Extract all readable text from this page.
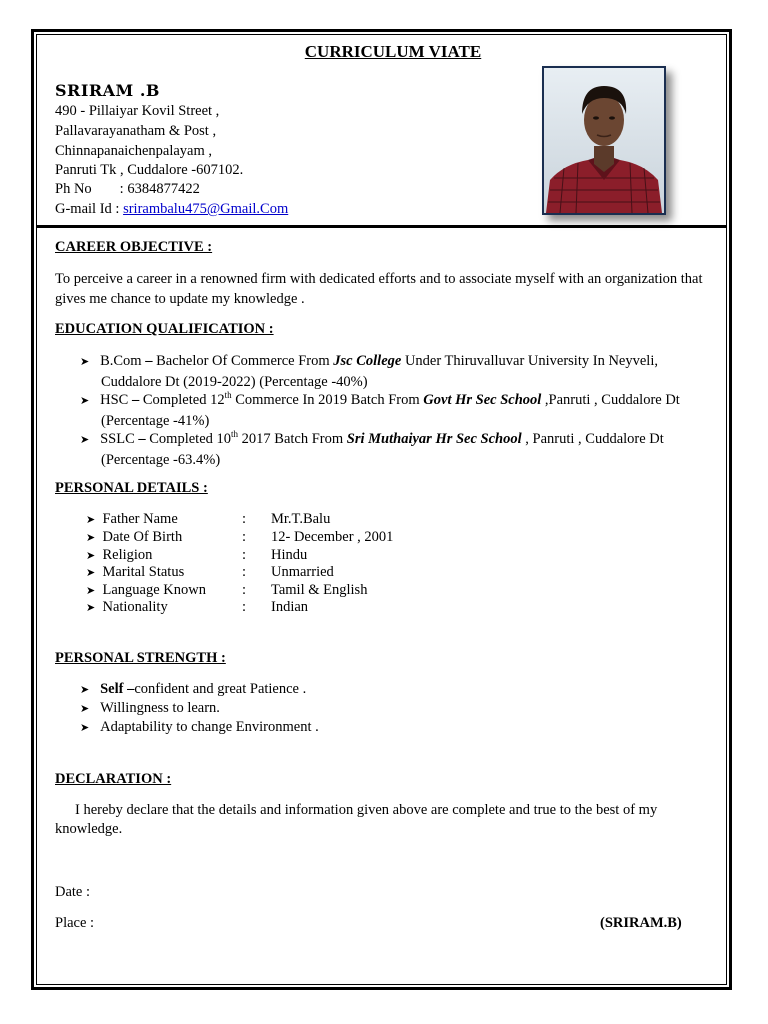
CURRICULUM VIATE
SRIRAM .B
490 - Pillaiyar Kovil Street ,
Pallavarayanatham & Post ,
Chinnapanaichenpalayam ,
Panruti Tk , Cuddalore -607102.
Ph No : 6384877422
G-mail Id : srirambalu475@Gmail.Com
CAREER OBJECTIVE :
To perceive a career in a renowned firm with dedicated efforts and to associate myself with an organization that gives me chance to update my knowledge .
EDUCATION QUALIFICATION :
➤ B.Com – Bachelor Of Commerce From Jsc College Under Thiruvalluvar University In Neyveli,
Cuddalore Dt (2019-2022) (Percentage -40%)
➤ HSC – Completed 12th Commerce In 2019 Batch From Govt Hr Sec School ,Panruti , Cuddalore Dt
(Percentage -41%)
➤ SSLC – Completed 10th 2017 Batch From Sri Muthaiyar Hr Sec School , Panruti , Cuddalore Dt
(Percentage -63.4%)
PERSONAL DETAILS :
➤ Father Name	: Mr.T.Balu
➤ Date Of Birth	: 12- December , 2001
➤ Religion	: Hindu
➤ Marital Status	: Unmarried
➤ Language Known : Tamil & English
➤ Nationality	: Indian
PERSONAL STRENGTH :
➤ Self –confident and great Patience .
➤ Willingness to learn.
➤ Adaptability to change Environment .
DECLARATION :
I hereby declare that the details and information given above are complete and true to the best of my
knowledge.
Date :
Place :	(SRIRAM.B)
